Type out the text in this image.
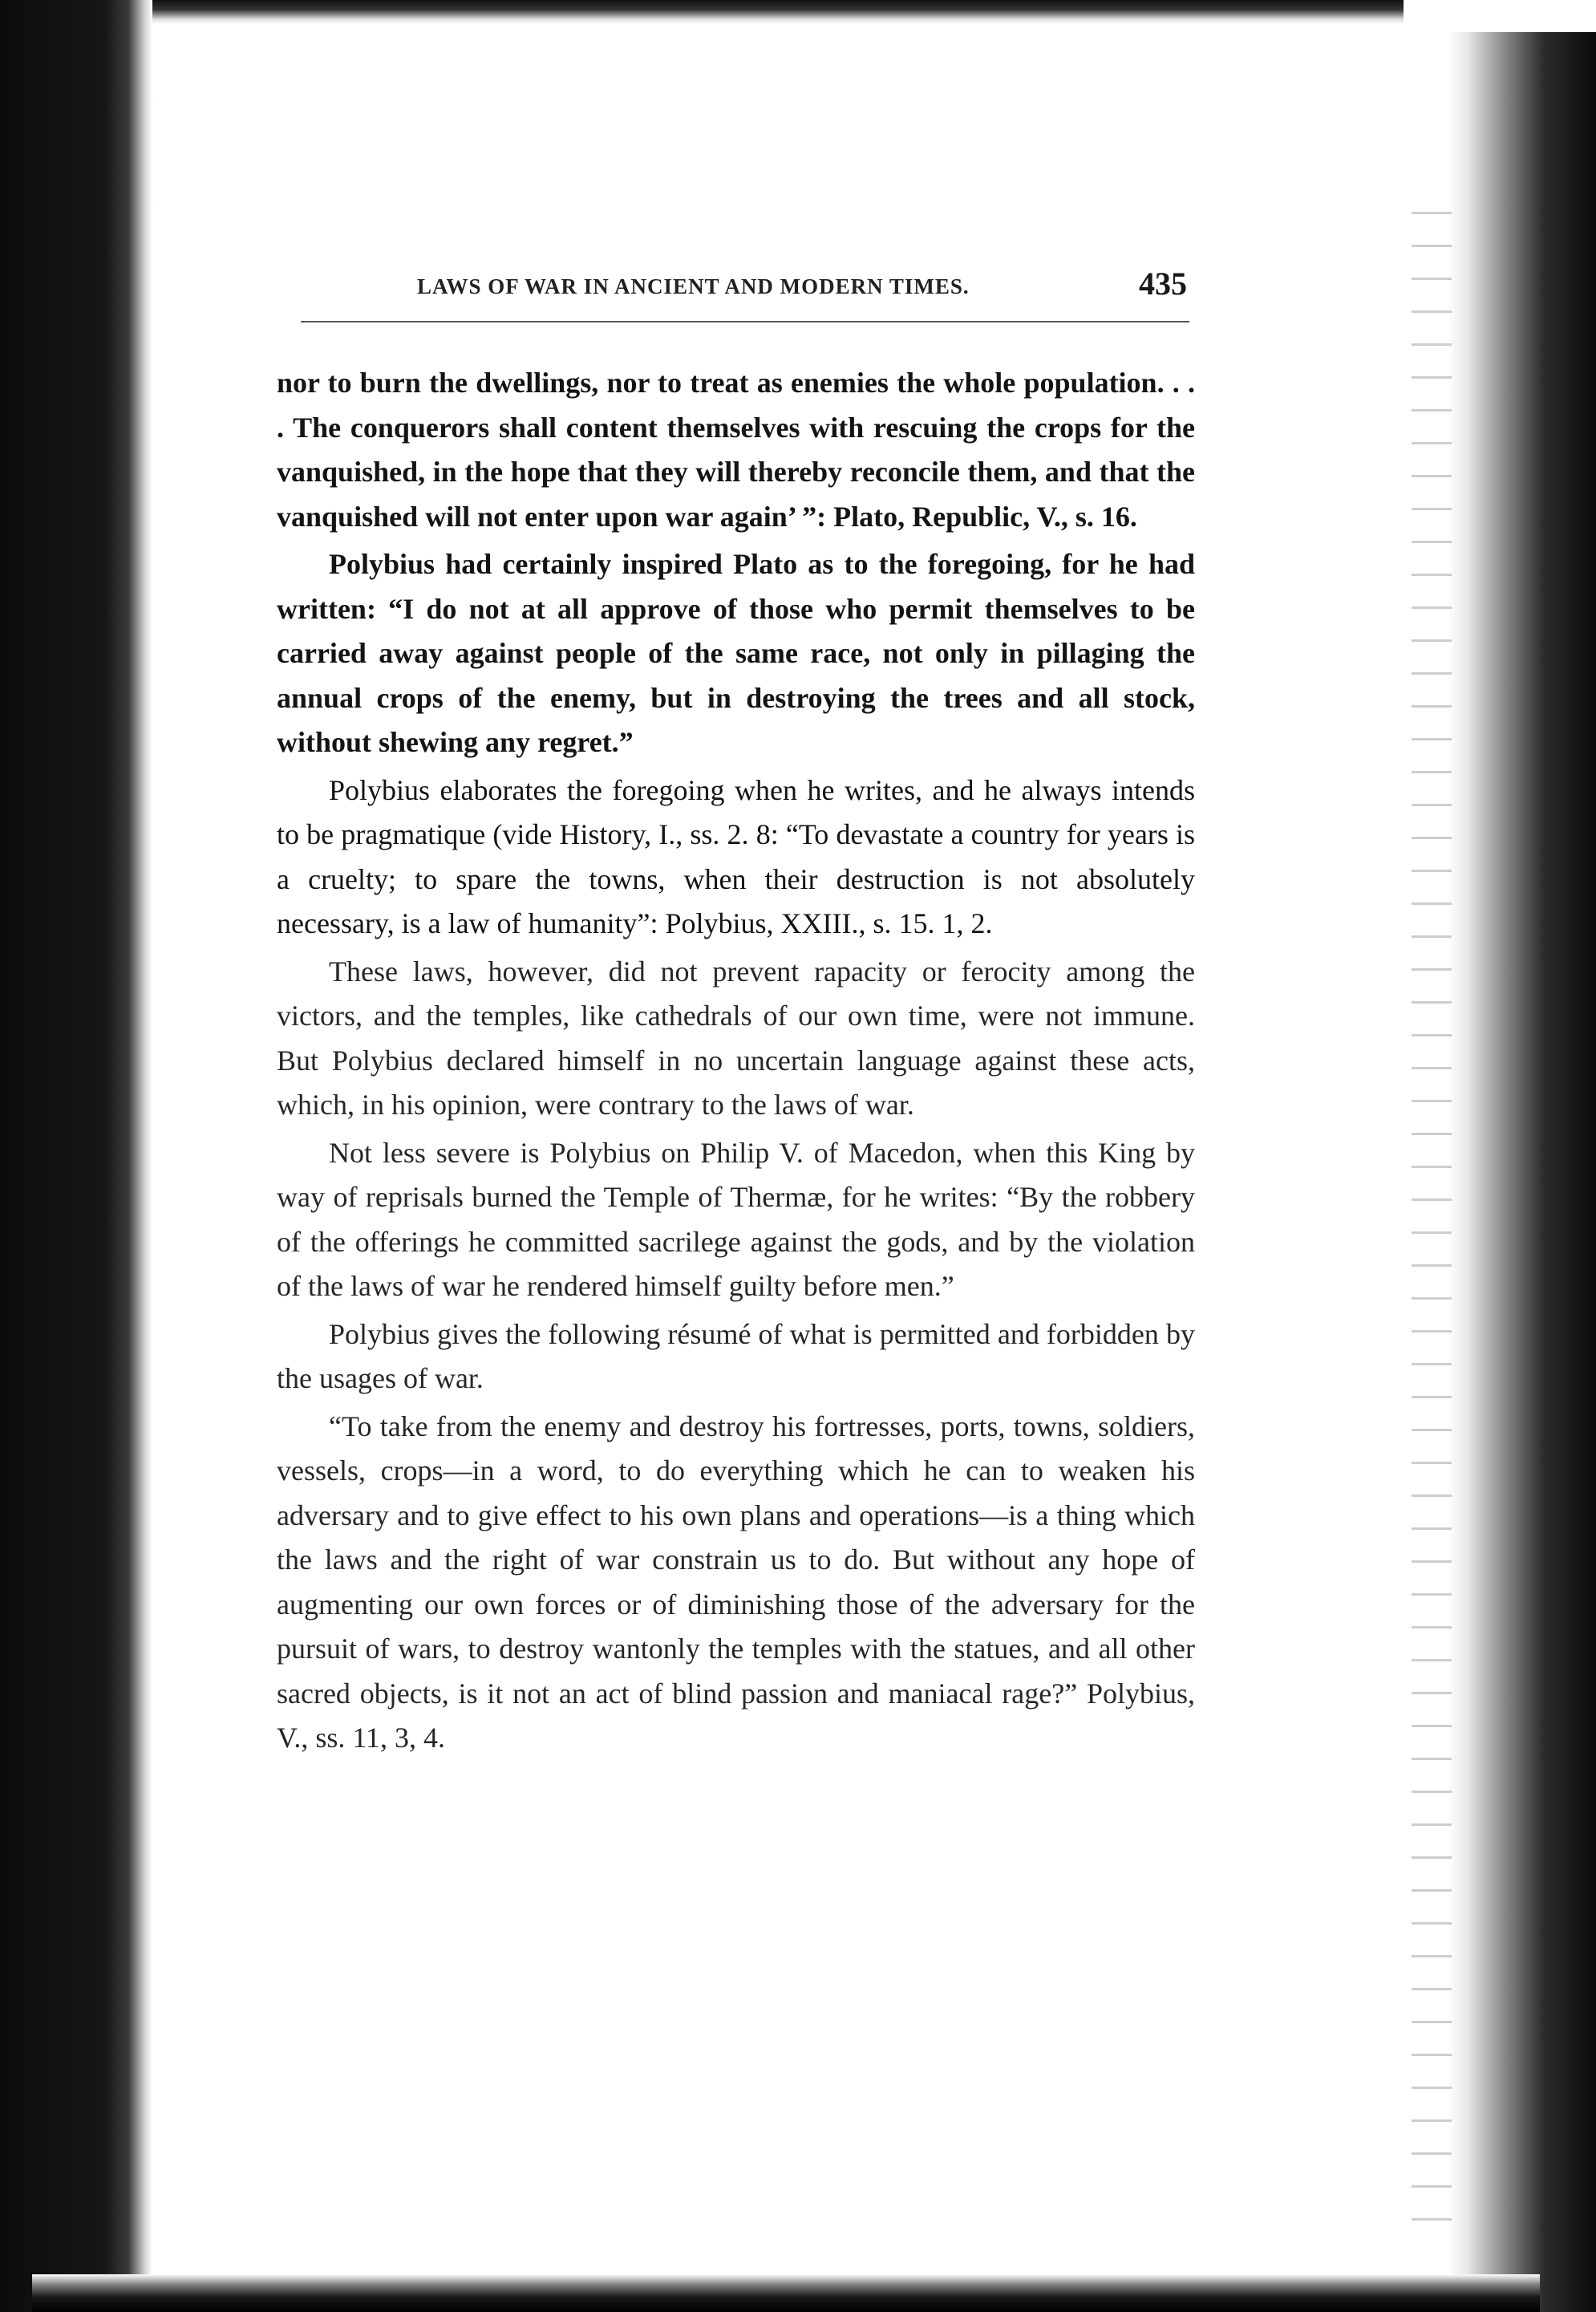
LAWS OF WAR IN ANCIENT AND MODERN TIMES.	435

nor to burn the dwellings, nor to treat as enemies the whole population. . . . The conquerors shall content themselves with rescuing the crops for the vanquished, in the hope that they will thereby reconcile them, and that the vanquished will not enter upon war again’ ”: Plato, Republic, V., s. 16.

Polybius had certainly inspired Plato as to the foregoing, for he had written: “I do not at all approve of those who permit themselves to be carried away against people of the same race, not only in pillaging the annual crops of the enemy, but in destroying the trees and all stock, without shewing any regret.”

Polybius elaborates the foregoing when he writes, and he always intends to be pragmatique (vide History, I., ss. 2. 8: “To devastate a country for years is a cruelty; to spare the towns, when their destruction is not absolutely necessary, is a law of humanity”: Polybius, XXIII., s. 15. 1, 2.

These laws, however, did not prevent rapacity or ferocity among the victors, and the temples, like cathedrals of our own time, were not immune. But Polybius declared himself in no uncertain language against these acts, which, in his opinion, were contrary to the laws of war.

Not less severe is Polybius on Philip V. of Macedon, when this King by way of reprisals burned the Temple of Thermæ, for he writes: “By the robbery of the offerings he committed sacrilege against the gods, and by the violation of the laws of war he rendered himself guilty before men.”

Polybius gives the following résumé of what is permitted and forbidden by the usages of war.

“To take from the enemy and destroy his fortresses, ports, towns, soldiers, vessels, crops—in a word, to do everything which he can to weaken his adversary and to give effect to his own plans and operations—is a thing which the laws and the right of war constrain us to do. But without any hope of augmenting our own forces or of diminishing those of the adversary for the pursuit of wars, to destroy wantonly the temples with the statues, and all other sacred objects, is it not an act of blind passion and maniacal rage?” Polybius, V., ss. 11, 3, 4.
